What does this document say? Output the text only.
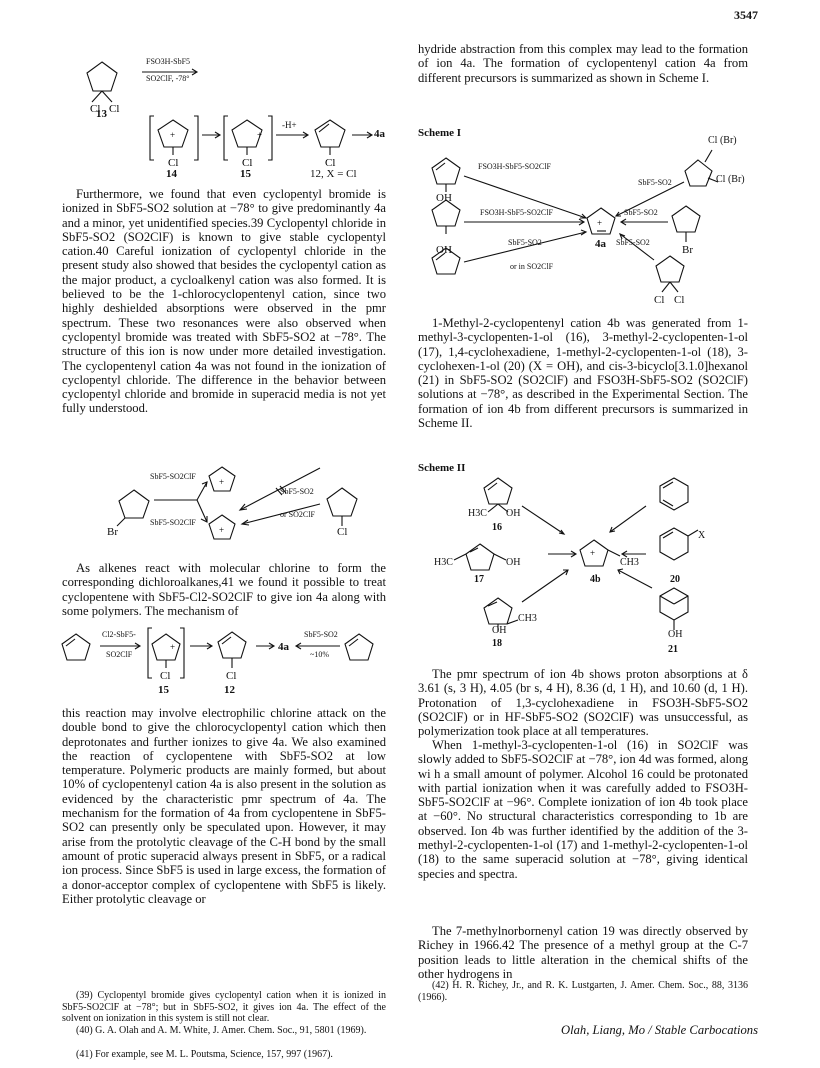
3547
Cl Cl
+	+
Cl	Cl	Cl
13
FSO3H-SbF5
SO2ClF, -78°
-H+
4a
14	15	12, X = Cl

Furthermore, we found that even cyclopentyl bromide is ionized in SbF5-SO2 solution at −78° to give predominantly 4a and a minor, yet unidentified species.39 Cyclopentyl chloride in SbF5-SO2 (SO2ClF) is known to give stable cyclopentyl cation.40 Careful ionization of cyclopentyl chloride in the present study also showed that besides the cyclopentyl cation as the major product, a cycloalkenyl cation was also formed. It is believed to be the 1-chlorocyclopentenyl cation, since two highly deshielded absorptions were observed in the pmr spectrum. These two resonances were also observed when cyclopentyl bromide was treated with SbF5-SO2 at −78°. The structure of this ion is now under more detailed investigation. The cyclopentenyl cation 4a was not found in the ionization of cyclopentyl chloride. The difference in the behavior between cyclopentyl chloride and bromide in superacid media is not yet fully understood.

+
+
SbF5-SO2ClF
SbF5-SO2ClF
SbF5-SO2
or SO2ClF
Br	Cl

As alkenes react with molecular chlorine to form the corresponding dichloroalkanes,41 we found it possible to treat cyclopentene with SbF5-Cl2-SO2ClF to give ion 4a along with some polymers. The mechanism of

+
Cl2-SbF5-
SO2ClF
SbF5-SO2
~10%
4a
Cl	Cl
15	12

this reaction may involve electrophilic chlorine attack on the double bond to give the chlorocyclopentyl cation which then deprotonates and further ionizes to give 4a. We also examined the reaction of cyclopentene with SbF5-SO2 at low temperature. Polymeric products are mainly formed, but about 10% of cyclopentenyl cation 4a is also present in the solution as evidenced by the characteristic pmr spectrum of 4a. The mechanism for the formation of 4a from cyclopentene in SbF5-SO2 can presently only be speculated upon. However, it may arise from the protolytic cleavage of the C-H bond by the small amount of protic superacid always present in SbF5, or a radical ion process. Since SbF5 is used in large excess, the formation of a donor-acceptor complex of cyclopentene with SbF5 is likely. Either protolytic cleavage or

(39) Cyclopentyl bromide gives cyclopentyl cation when it is ionized in SbF5-SO2ClF at −78°; but in SbF5-SO2, it gives ion 4a. The effect of the solvent on ionization in this system is still not clear.

(40) G. A. Olah and A. M. White, J. Amer. Chem. Soc., 91, 5801 (1969).

(41) For example, see M. L. Poutsma, Science, 157, 997 (1967).

hydride abstraction from this complex may lead to the formation of ion 4a. The formation of cyclopentenyl cation 4a from different precursors is summarized as shown in Scheme I.

Scheme I
+
Cl (Br)
Cl (Br)
FSO3H-SbF5-SO2ClF
SbF5-SO2
OH
FSO3H-SbF5-SO2ClF	SbF5-SO2
SbF5-SO2	4a SbF5-SO2
OH	Br
or in SO2ClF
Cl Cl

1-Methyl-2-cyclopentenyl cation 4b was generated from 1-methyl-3-cyclopenten-1-ol (16), 3-methyl-2-cyclopenten-1-ol (17), 1,4-cyclohexadiene, 1-methyl-2-cyclopenten-1-ol (18), 3-cyclohexen-1-ol (20) (X = OH), and cis-3-bicyclo[3.1.0]hexanol (21) in SbF5-SO2 (SO2ClF) and FSO3H-SbF5-SO2 (SO2ClF) solutions at −78°, as described in the Experimental Section. The formation of ion 4b from different precursors is summarized in Scheme II.

Scheme II
+
H3C OH
16
X
H3C	OH	CH3
17	4b	20
CH3
OH	OH
18
21

The pmr spectrum of ion 4b shows proton absorptions at δ 3.61 (s, 3 H), 4.05 (br s, 4 H), 8.36 (d, 1 H), and 10.60 (d, 1 H). Protonation of 1,3-cyclohexadiene in FSO3H-SbF5-SO2 (SO2ClF) or in HF-SbF5-SO2 (SO2ClF) was unsuccessful, as polymerization took place at all temperatures.

When 1-methyl-3-cyclopenten-1-ol (16) in SO2ClF was slowly added to SbF5-SO2ClF at −78°, ion 4d was formed, along wi h a small amount of polymer. Alcohol 16 could be protonated with partial ionization when it was carefully added to FSO3H-SbF5-SO2ClF at −96°. Complete ionization of ion 4b took place at −60°. No structural characteristics corresponding to 1b are observed. Ion 4b was further identified by the addition of the 3-methyl-2-cyclopenten-1-ol (17) and 1-methyl-2-cyclopenten-1-ol (18) to the same superacid solution at −78°, giving identical species and spectra.

The 7-methylnorbornenyl cation 19 was directly observed by Richey in 1966.42 The presence of a methyl group at the C-7 position leads to little alteration in the chemical shifts of the other hydrogens in

(42) H. R. Richey, Jr., and R. K. Lustgarten, J. Amer. Chem. Soc., 88, 3136 (1966).

Olah, Liang, Mo / Stable Carbocations
